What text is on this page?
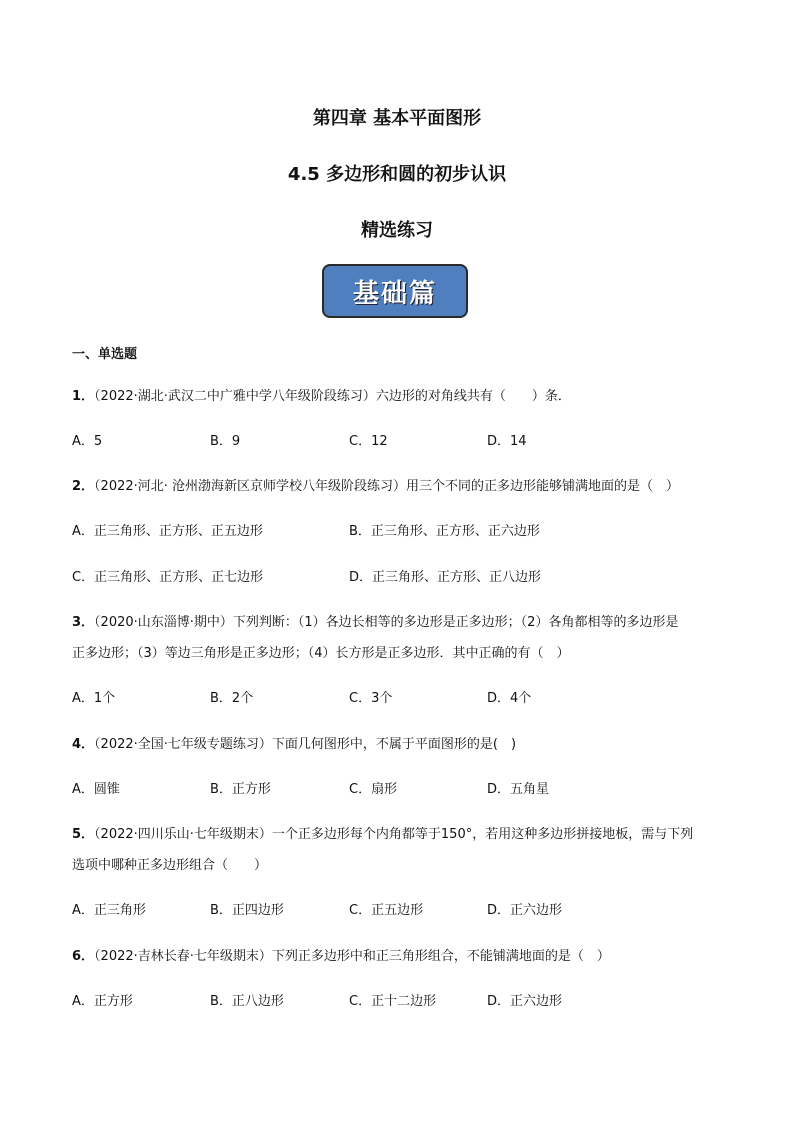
第四章 基本平面图形
4.5 多边形和圆的初步认识
精选练习
基础篇
一、单选题
1．（2022·湖北·武汉二中广雅中学八年级阶段练习）六边形的对角线共有（　　）条．
A．5	B．9	C．12	D．14
2．（2022·河北· 沧州渤海新区京师学校八年级阶段练习）用三个不同的正多边形能够铺满地面的是（　）
A．正三角形、正方形、正五边形	B．正三角形、正方形、正六边形
C．正三角形、正方形、正七边形	D．正三角形、正方形、正八边形
3．（2020·山东淄博·期中）下列判断：（1）各边长相等的多边形是正多边形；（2）各角都相等的多边形是
正多边形；（3）等边三角形是正多边形；（4）长方形是正多边形．其中正确的有（　）
A．1个	B．2个	C．3个	D．4个
4．（2022·全国·七年级专题练习）下面几何图形中，不属于平面图形的是(　)
A．圆锥	B．正方形	C．扇形	D．五角星
5．（2022·四川乐山·七年级期末）一个正多边形每个内角都等于150°，若用这种多边形拼接地板，需与下列
选项中哪种正多边形组合（　　）
A．正三角形	B．正四边形	C．正五边形	D．正六边形
6．（2022·吉林长春·七年级期末）下列正多边形中和正三角形组合，不能铺满地面的是（　）
A．正方形	B．正八边形	C．正十二边形	D．正六边形
